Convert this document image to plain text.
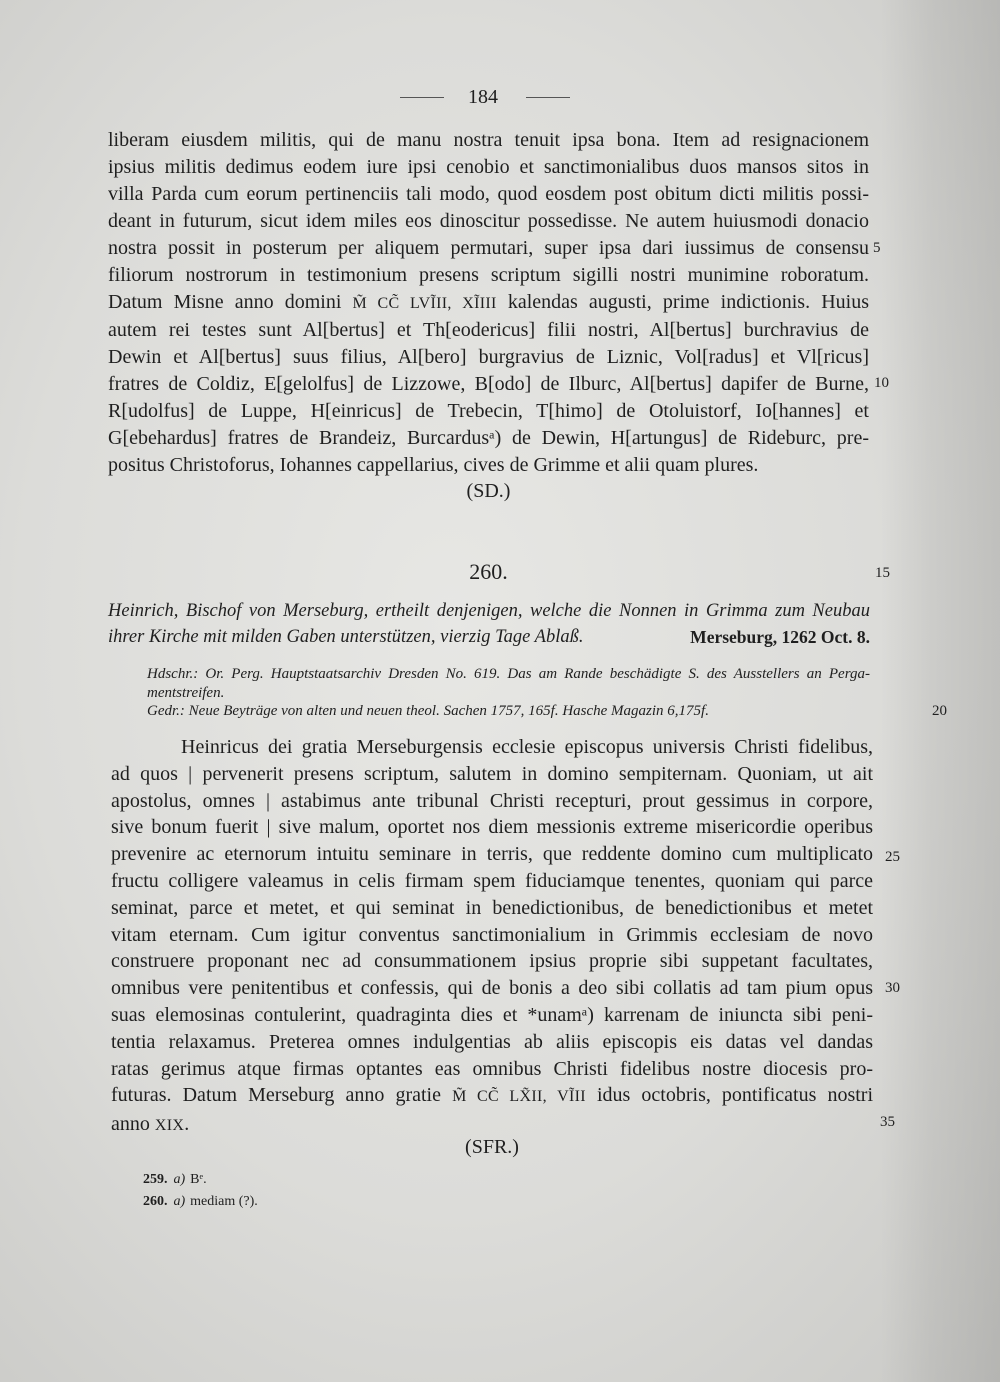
184
liberam eiusdem militis, qui de manu nostra tenuit ipsa bona. Item ad resignacionem
ipsius militis dedimus eodem iure ipsi cenobio et sanctimonialibus duos mansos sitos in
villa Parda cum eorum pertinenciis tali modo, quod eosdem post obitum dicti militis possi-
deant in futurum, sicut idem miles eos dinoscitur possedisse. Ne autem huiusmodi donacio
nostra possit in posterum per aliquem permutari, super ipsa dari iussimus de consensu
filiorum nostrorum in testimonium presens scriptum sigilli nostri munimine roboratum.
Datum Misne anno domini M̃ CC̃ LVĨII, XĨIII kalendas augusti, prime indictionis. Huius
autem rei testes sunt Al[bertus] et Th[eodericus] filii nostri, Al[bertus] burchravius de
Dewin et Al[bertus] suus filius, Al[bero] burgravius de Liznic, Vol[radus] et Vl[ricus]
fratres de Coldiz, E[gelolfus] de Lizzowe, B[odo] de Ilburc, Al[bertus] dapifer de Burne,
R[udolfus] de Luppe, H[einricus] de Trebecin, T[himo] de Otoluistorf, Io[hannes] et
G[ebehardus] fratres de Brandeiz, Burcardusᵃ) de Dewin, H[artungus] de Rideburc, pre-
positus Christoforus, Iohannes cappellarius, cives de Grimme et alii quam plures.
(SD.)
260.
Heinrich, Bischof von Merseburg, ertheilt denjenigen, welche die Nonnen in Grimma zum Neubau
ihrer Kirche mit milden Gaben unterstützen, vierzig Tage Ablaß.	Merseburg, 1262 Oct. 8.
Hdschr.: Or. Perg. Hauptstaatsarchiv Dresden No. 619. Das am Rande beschädigte S. des Ausstellers an Perga-
mentstreifen.
Gedr.: Neue Beyträge von alten und neuen theol. Sachen 1757, 165f. Hasche Magazin 6,175f.
Heinricus dei gratia Merseburgensis ecclesie episcopus universis Christi fidelibus,
ad quos | pervenerit presens scriptum, salutem in domino sempiternam. Quoniam, ut ait
apostolus, omnes | astabimus ante tribunal Christi recepturi, prout gessimus in corpore,
sive bonum fuerit | sive malum, oportet nos diem messionis extreme misericordie operibus
prevenire ac eternorum intuitu seminare in terris, que reddente domino cum multiplicato
fructu colligere valeamus in celis firmam spem fiduciamque tenentes, quoniam qui parce
seminat, parce et metet, et qui seminat in benedictionibus, de benedictionibus et metet
vitam eternam. Cum igitur conventus sanctimonialium in Grimmis ecclesiam de novo
construere proponant nec ad consummationem ipsius proprie sibi suppetant facultates,
omnibus vere penitentibus et confessis, qui de bonis a deo sibi collatis ad tam pium opus
suas elemosinas contulerint, quadraginta dies et *unamᵃ) karrenam de iniuncta sibi peni-
tentia relaxamus. Preterea omnes indulgentias ab aliis episcopis eis datas vel dandas
ratas gerimus atque firmas optantes eas omnibus Christi fidelibus nostre diocesis pro-
futuras. Datum Merseburg anno gratie M̃ CC̃ LX̃II, VĨII idus octobris, pontificatus nostri
anno XIX.
(SFR.)
259. a) Bᵉ.
260. a) mediam (?).
5
10
15
20
25
30
35
